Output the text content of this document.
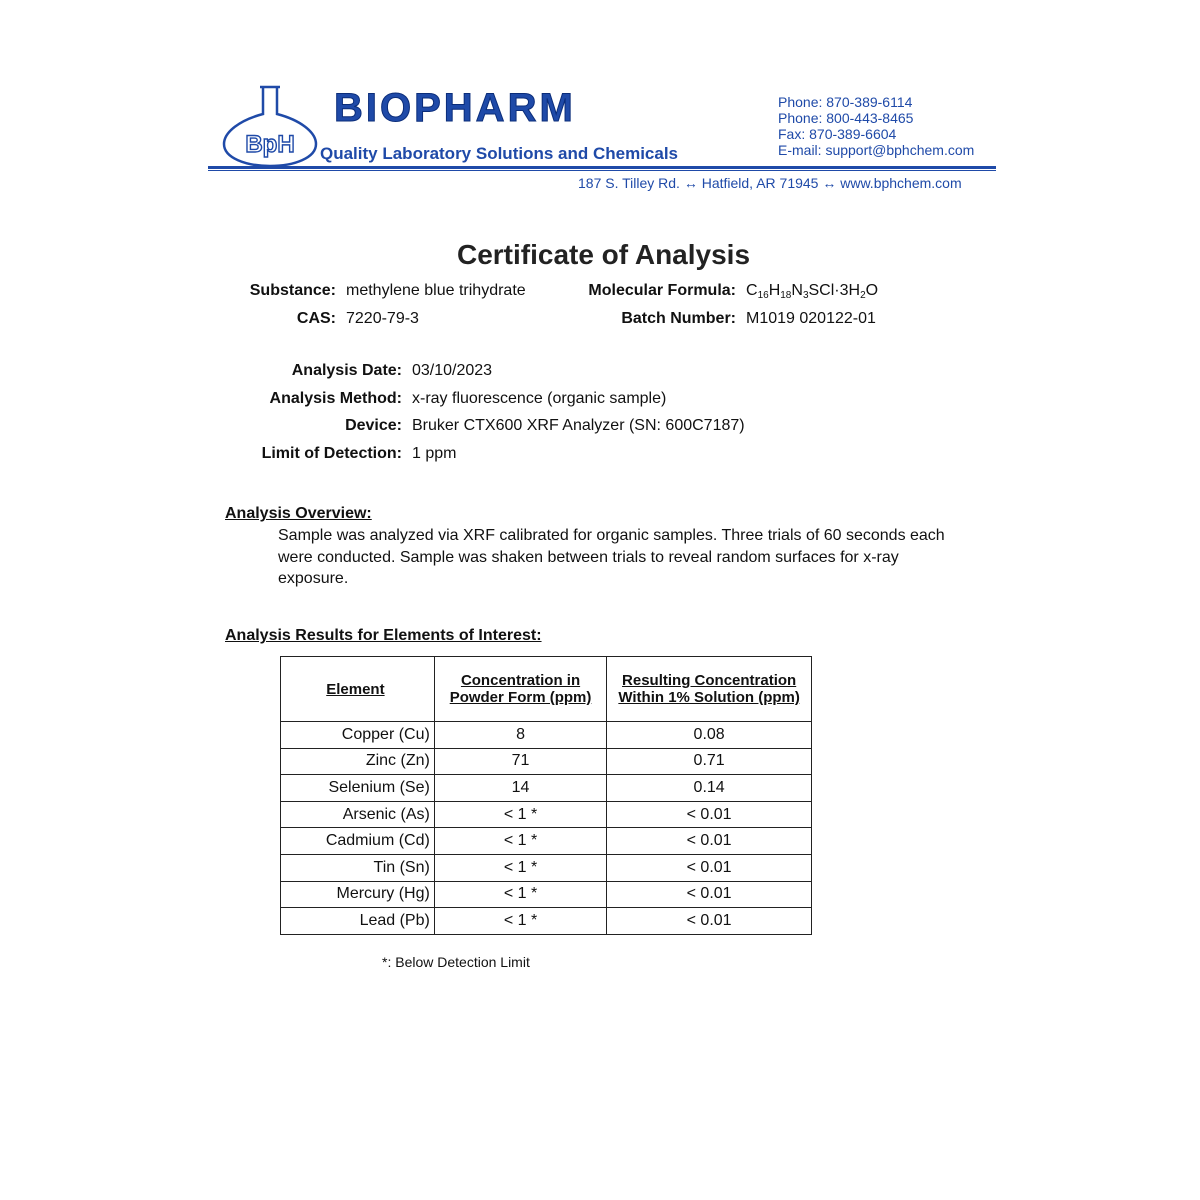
BpH
BIOPHARM
Quality Laboratory Solutions and Chemicals
Phone: 870-389-6114
Phone: 800-443-8465
Fax: 870-389-6604
E-mail: support@bphchem.com
187 S. Tilley Rd. ↔ Hatfield, AR 71945 ↔ www.bphchem.com
Certificate of Analysis
Substance: methylene blue trihydrate
CAS: 7220-79-3
Molecular Formula: $C_{16}H_{18}N_3SCl\cdot 3H_2O$
Batch Number: M1019 020122-01
Analysis Date: 03/10/2023
Analysis Method: x-ray fluorescence (organic sample)
Device: Bruker CTX600 XRF Analyzer (SN: 600C7187)
Limit of Detection: 1 ppm
Analysis Overview:
Sample was analyzed via XRF calibrated for organic samples. Three trials of 60 seconds each were conducted. Sample was shaken between trials to reveal random surfaces for x-ray exposure.
Analysis Results for Elements of Interest:
Element	Concentration in Powder Form (ppm)	Resulting Concentration Within 1% Solution (ppm)
Copper (Cu)	8	0.08
Zinc (Zn)	71	0.71
Selenium (Se)	14	0.14
Arsenic (As)	< 1 *	< 0.01
Cadmium (Cd)	< 1 *	< 0.01
Tin (Sn)	< 1 *	< 0.01
Mercury (Hg)	< 1 *	< 0.01
Lead (Pb)	< 1 *	< 0.01
*: Below Detection Limit
